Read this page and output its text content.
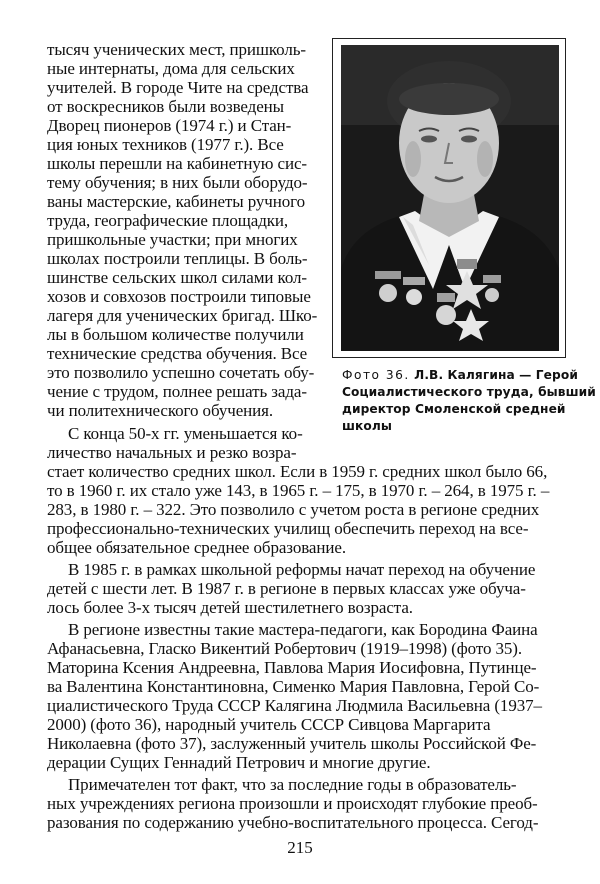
тысяч ученических мест, пришколь-
ные интернаты, дома для сельских
учителей. В городе Чите на средства
от воскресников были возведены
Дворец пионеров (1974 г.) и Стан-
ция юных техников (1977 г.). Все
школы перешли на кабинетную сис-
тему обучения; в них были оборудо-
ваны мастерские, кабинеты ручного
труда, географические площадки,
пришкольные участки; при многих
школах построили теплицы. В боль-
шинстве сельских школ силами кол-
хозов и совхозов построили типовые
лагеря для ученических бригад. Шко-
лы в большом количестве получили
технические средства обучения. Все
это позволило успешно сочетать обу-
чение с трудом, полнее решать зада-
чи политехнического обучения.
С конца 50-х гг. уменьшается ко-
личество начальных и резко возра-
Фото 36. Л.В. Калягина — Герой
Социалистического труда, бывший
директор Смоленской средней
школы
стает количество средних школ. Если в 1959 г. средних школ было 66,
то в 1960 г. их стало уже 143, в 1965 г. – 175, в 1970 г. – 264, в 1975 г. –
283, в 1980 г. – 322. Это позволило с учетом роста в регионе средних
профессионально-технических училищ обеспечить переход на все-
общее обязательное среднее образование.
В 1985 г. в рамках школьной реформы начат переход на обучение
детей с шести лет. В 1987 г. в регионе в первых классах уже обуча-
лось более 3-х тысяч детей шестилетнего возраста.
В регионе известны такие мастера-педагоги, как Бородина Фаина
Афанасьевна, Гласко Викентий Робертович (1919–1998) (фото 35).
Маторина Ксения Андреевна, Павлова Мария Иосифовна, Путинце-
ва Валентина Константиновна, Сименко Мария Павловна, Герой Со-
циалистического Труда СССР Калягина Людмила Васильевна (1937–
2000) (фото 36), народный учитель СССР Сивцова Маргарита
Николаевна (фото 37), заслуженный учитель школы Российской Фе-
дерации Сущих Геннадий Петрович и многие другие.
Примечателен тот факт, что за последние годы в образователь-
ных учреждениях региона произошли и происходят глубокие преоб-
разования по содержанию учебно-воспитательного процесса. Сегод-
215
